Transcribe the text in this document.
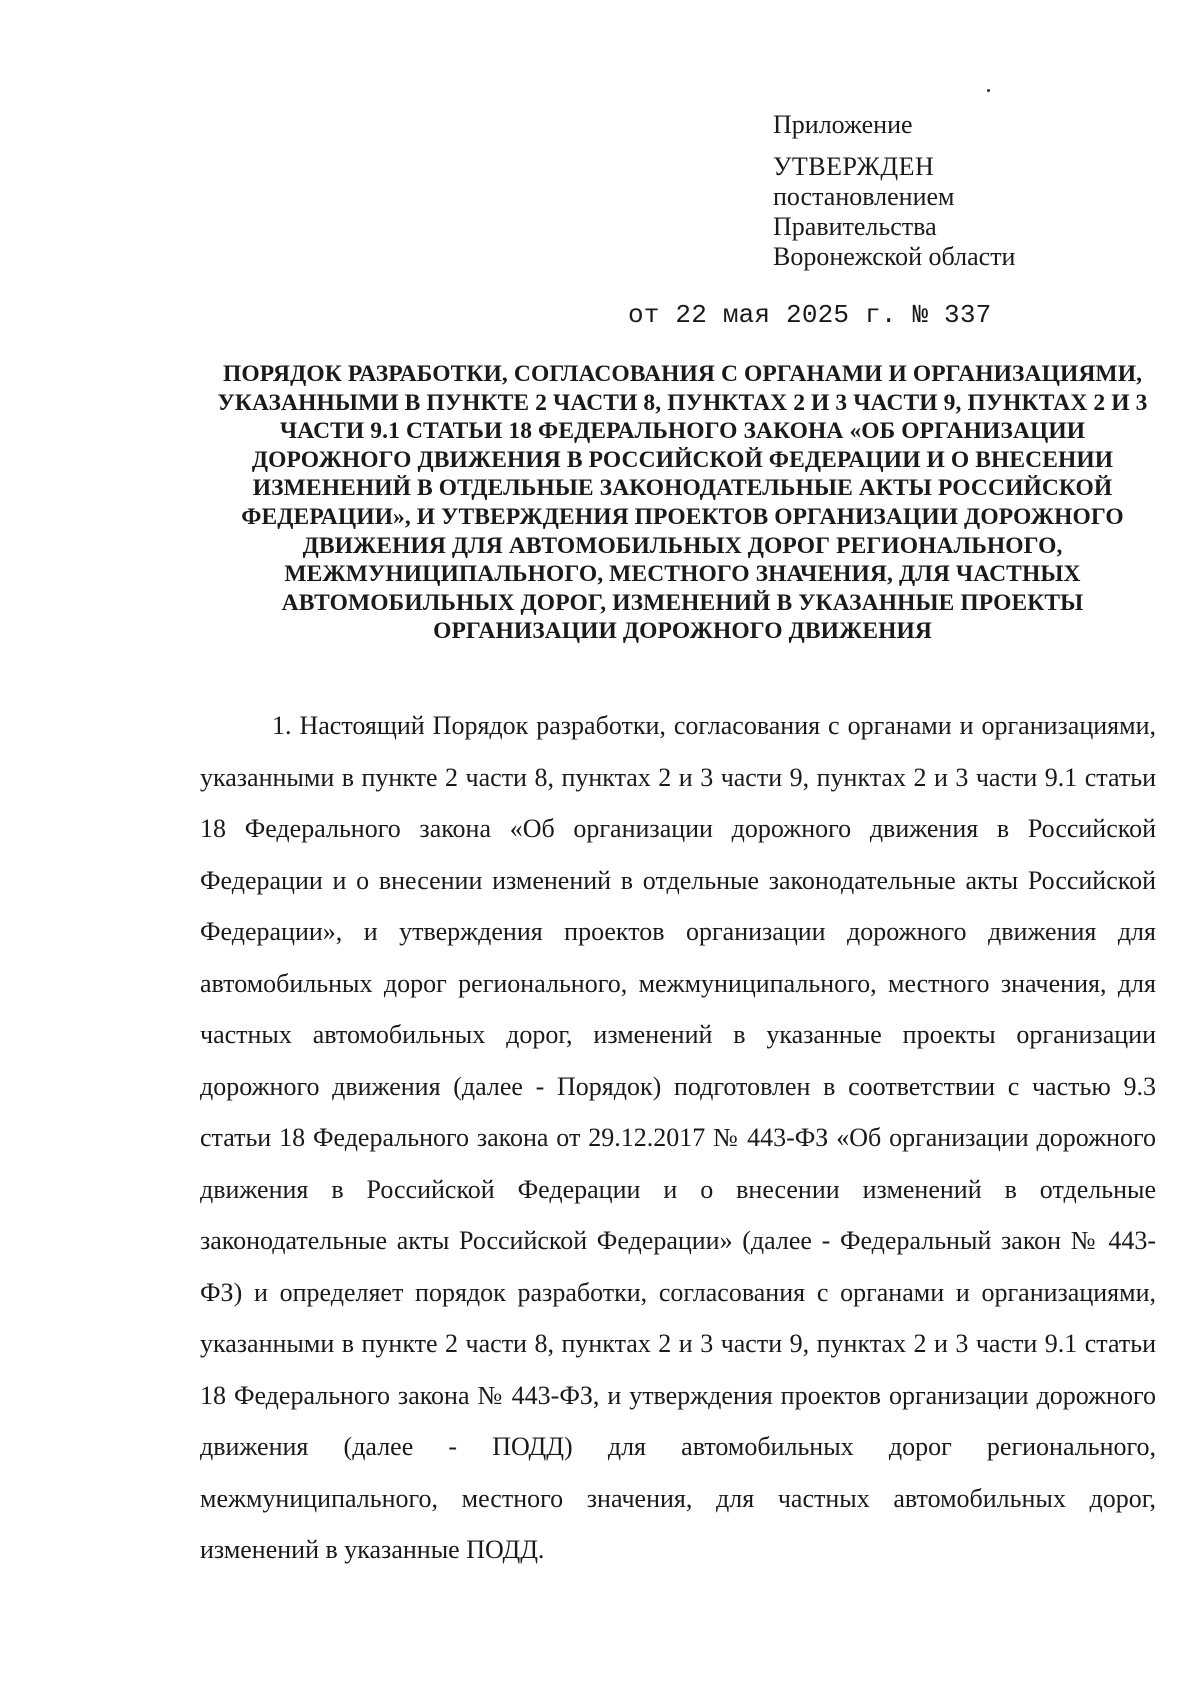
Приложение
УТВЕРЖДЕН
постановлением
Правительства
Воронежской области
от 22 мая 2025 г. № 337
ПОРЯДОК РАЗРАБОТКИ, СОГЛАСОВАНИЯ С ОРГАНАМИ И ОРГАНИЗАЦИЯМИ, УКАЗАННЫМИ В ПУНКТЕ 2 ЧАСТИ 8, ПУНКТАХ 2 И 3 ЧАСТИ 9, ПУНКТАХ 2 И 3 ЧАСТИ 9.1 СТАТЬИ 18 ФЕДЕРАЛЬНОГО ЗАКОНА «ОБ ОРГАНИЗАЦИИ ДОРОЖНОГО ДВИЖЕНИЯ В РОССИЙСКОЙ ФЕДЕРАЦИИ И О ВНЕСЕНИИ ИЗМЕНЕНИЙ В ОТДЕЛЬНЫЕ ЗАКОНОДАТЕЛЬНЫЕ АКТЫ РОССИЙСКОЙ ФЕДЕРАЦИИ», И УТВЕРЖДЕНИЯ ПРОЕКТОВ ОРГАНИЗАЦИИ ДОРОЖНОГО ДВИЖЕНИЯ ДЛЯ АВТОМОБИЛЬНЫХ ДОРОГ РЕГИОНАЛЬНОГО, МЕЖМУНИЦИПАЛЬНОГО, МЕСТНОГО ЗНАЧЕНИЯ, ДЛЯ ЧАСТНЫХ АВТОМОБИЛЬНЫХ ДОРОГ, ИЗМЕНЕНИЙ В УКАЗАННЫЕ ПРОЕКТЫ ОРГАНИЗАЦИИ ДОРОЖНОГО ДВИЖЕНИЯ

1. Настоящий Порядок разработки, согласования с органами и организациями, указанными в пункте 2 части 8, пунктах 2 и 3 части 9, пунктах 2 и 3 части 9.1 статьи 18 Федерального закона «Об организации дорожного движения в Российской Федерации и о внесении изменений в отдельные законодательные акты Российской Федерации», и утверждения проектов организации дорожного движения для автомобильных дорог регионального, межмуниципального, местного значения, для частных автомобильных дорог, изменений в указанные проекты организации дорожного движения (далее - Порядок) подготовлен в соответствии с частью 9.3 статьи 18 Федерального закона от 29.12.2017 № 443-ФЗ «Об организации дорожного движения в Российской Федерации и о внесении изменений в отдельные законодательные акты Российской Федерации» (далее - Федеральный закон № 443-ФЗ) и определяет порядок разработки, согласования с органами и организациями, указанными в пункте 2 части 8, пунктах 2 и 3 части 9, пунктах 2 и 3 части 9.1 статьи 18 Федерального закона № 443-ФЗ, и утверждения проектов организации дорожного движения (далее - ПОДД) для автомобильных дорог регионального, межмуниципального, местного значения, для частных автомобильных дорог, изменений в указанные ПОДД.
